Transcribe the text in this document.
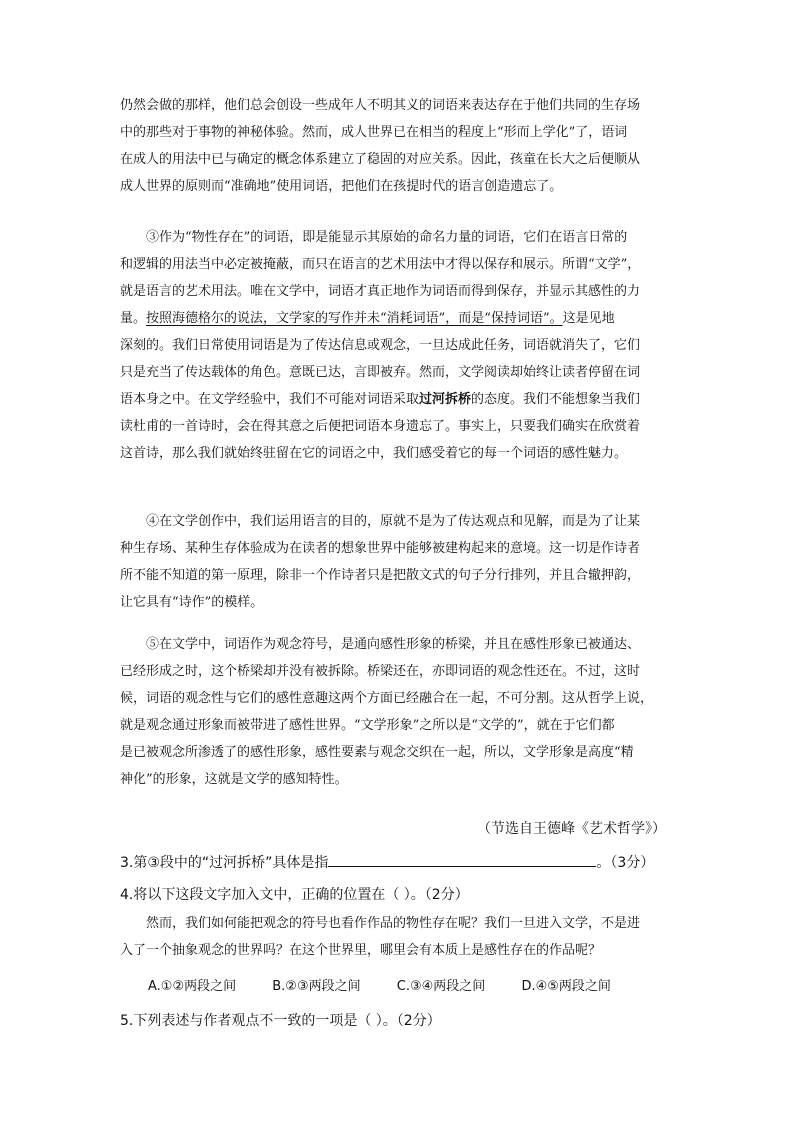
仍然会做的那样，他们总会创设一些成年人不明其义的词语来表达存在于他们共同的生存场
中的那些对于事物的神秘体验。然而，成人世界已在相当的程度上“形而上学化”了，语词
在成人的用法中已与确定的概念体系建立了稳固的对应关系。因此，孩童在长大之后便顺从
成人世界的原则而“准确地”使用词语，把他们在孩提时代的语言创造遗忘了。
③作为“物性存在”的词语，即是能显示其原始的命名力量的词语，它们在语言日常的
和逻辑的用法当中必定被掩蔽，而只在语言的艺术用法中才得以保存和展示。所谓“文学”，
就是语言的艺术用法。唯在文学中，词语才真正地作为词语而得到保存，并显示其感性的力
量。按照海德格尔的说法，文学家的写作并未“消耗词语”，而是“保持词语”。这是见地
深刻的。我们日常使用词语是为了传达信息或观念，一旦达成此任务，词语就消失了，它们
只是充当了传达载体的角色。意既已达，言即被弃。然而，文学阅读却始终让读者停留在词
语本身之中。在文学经验中，我们不可能对词语采取过河拆桥的态度。我们不能想象当我们
读杜甫的一首诗时，会在得其意之后便把词语本身遗忘了。事实上，只要我们确实在欣赏着
这首诗，那么我们就始终驻留在它的词语之中，我们感受着它的每一个词语的感性魅力。
④在文学创作中，我们运用语言的目的，原就不是为了传达观点和见解，而是为了让某
种生存场、某种生存体验成为在读者的想象世界中能够被建构起来的意境。这一切是作诗者
所不能不知道的第一原理，除非一个作诗者只是把散文式的句子分行排列，并且合辙押韵，
让它具有“诗作”的模样。
⑤在文学中，词语作为观念符号，是通向感性形象的桥梁，并且在感性形象已被通达、
已经形成之时，这个桥梁却并没有被拆除。桥梁还在，亦即词语的观念性还在。不过，这时
候，词语的观念性与它们的感性意趣这两个方面已经融合在一起，不可分割。这从哲学上说，
就是观念通过形象而被带进了感性世界。“文学形象”之所以是“文学的”，就在于它们都
是已被观念所渗透了的感性形象，感性要素与观念交织在一起，所以，文学形象是高度“精
神化”的形象，这就是文学的感知特性。
（节选自王德峰《艺术哲学》）
3.第③段中的“过河拆桥”具体是指	。（3分）
4.将以下这段文字加入文中，正确的位置在（ ）。（2分）
然而，我们如何能把观念的符号也看作作品的物性存在呢？我们一旦进入文学，不是进
入了一个抽象观念的世界吗？在这个世界里，哪里会有本质上是感性存在的作品呢？
A.①②两段之间	B.②③两段之间	C.③④两段之间	D.④⑤两段之间
5.下列表述与作者观点不一致的一项是（ ）。（2分）
